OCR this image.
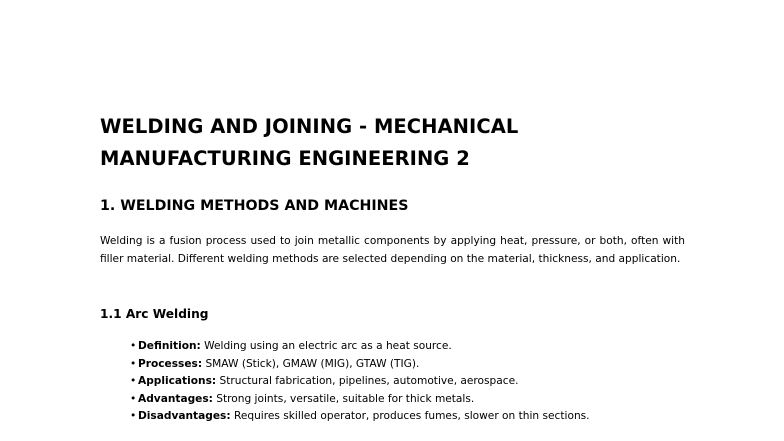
WELDING AND JOINING - MECHANICAL
MANUFACTURING ENGINEERING 2
1. WELDING METHODS AND MACHINES

Welding is a fusion process used to join metallic components by applying heat, pressure, or both, often with filler material. Different welding methods are selected depending on the material, thickness, and application.

1.1 Arc Welding
• Definition: Welding using an electric arc as a heat source.
• Processes: SMAW (Stick), GMAW (MIG), GTAW (TIG).
• Applications: Structural fabrication, pipelines, automotive, aerospace.
• Advantages: Strong joints, versatile, suitable for thick metals.
• Disadvantages: Requires skilled operator, produces fumes, slower on thin sections.
